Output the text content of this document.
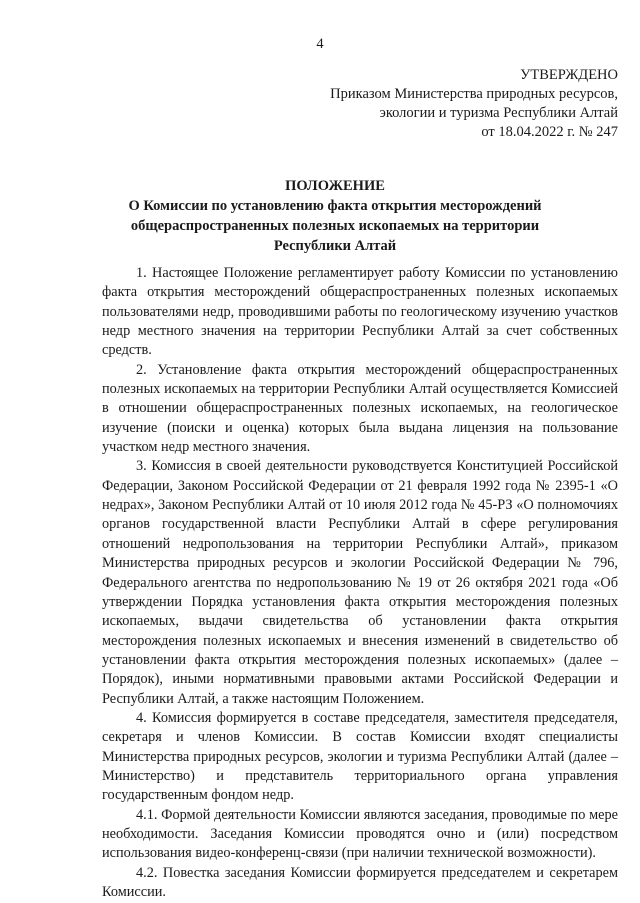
4
УТВЕРЖДЕНО
Приказом Министерства природных ресурсов,
экологии и туризма Республики Алтай
от 18.04.2022 г. № 247
ПОЛОЖЕНИЕ
О Комиссии по установлению факта открытия месторождений
общераспространенных полезных ископаемых на территории
Республики Алтай

1. Настоящее Положение регламентирует работу Комиссии по установлению факта открытия месторождений общераспространенных полезных ископаемых пользователями недр, проводившими работы по геологическому изучению участков недр местного значения на территории Республики Алтай за счет собственных средств.

2. Установление факта открытия месторождений общераспространенных полезных ископаемых на территории Республики Алтай осуществляется Комиссией в отношении общераспространенных полезных ископаемых, на геологическое изучение (поиски и оценка) которых была выдана лицензия на пользование участком недр местного значения.

3. Комиссия в своей деятельности руководствуется Конституцией Российской Федерации, Законом Российской Федерации от 21 февраля 1992 года № 2395-1 «О недрах», Законом Республики Алтай от 10 июля 2012 года № 45-РЗ «О полномочиях органов государственной власти Республики Алтай в сфере регулирования отношений недропользования на территории Республики Алтай», приказом Министерства природных ресурсов и экологии Российской Федерации № 796, Федерального агентства по недропользованию № 19 от 26 октября 2021 года «Об утверждении Порядка установления факта открытия месторождения полезных ископаемых, выдачи свидетельства об установлении факта открытия месторождения полезных ископаемых и внесения изменений в свидетельство об установлении факта открытия месторождения полезных ископаемых» (далее – Порядок), иными нормативными правовыми актами Российской Федерации и Республики Алтай, а также настоящим Положением.

4. Комиссия формируется в составе председателя, заместителя председателя, секретаря и членов Комиссии. В состав Комиссии входят специалисты Министерства природных ресурсов, экологии и туризма Республики Алтай (далее – Министерство) и представитель территориального органа управления государственным фондом недр.

4.1. Формой деятельности Комиссии являются заседания, проводимые по мере необходимости. Заседания Комиссии проводятся очно и (или) посредством использования видео-конференц-связи (при наличии технической возможности).

4.2. Повестка заседания Комиссии формируется председателем и секретарем Комиссии.
